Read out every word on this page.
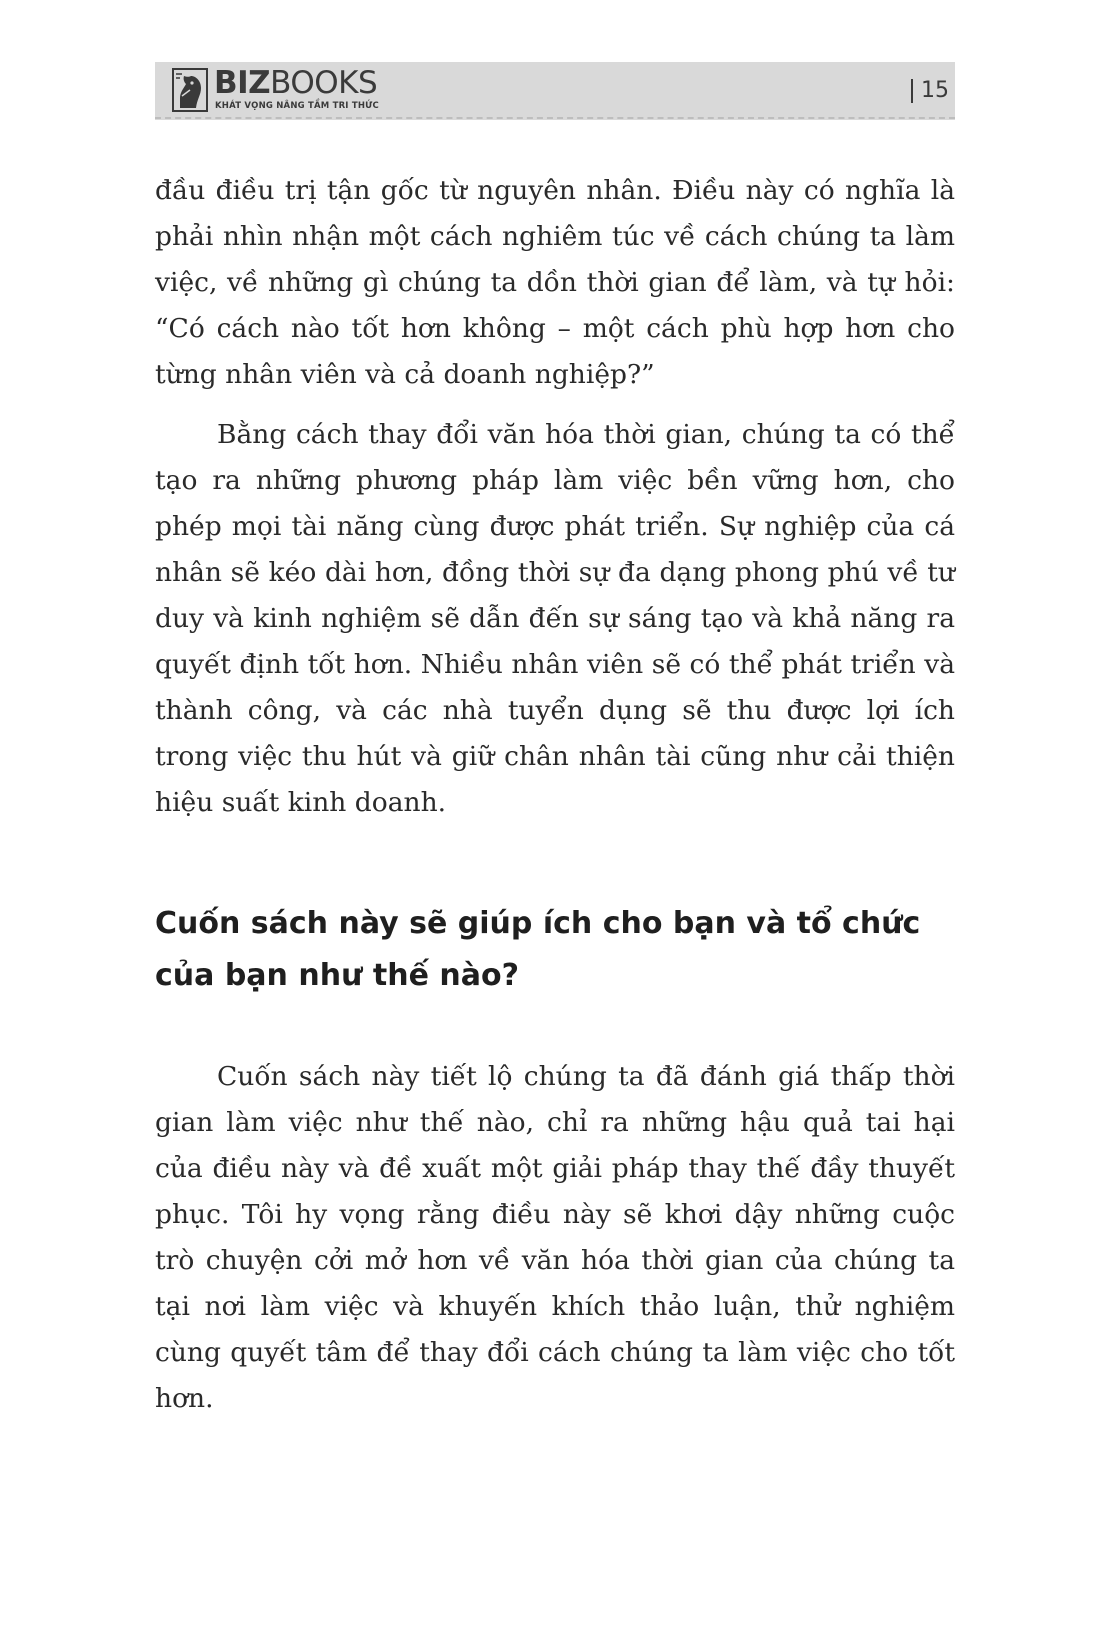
BIZBOOKS
KHÁT VỌNG NÂNG TẦM TRI THỨC
15

đầu điều trị tận gốc từ nguyên nhân. Điều này có nghĩa là phải nhìn nhận một cách nghiêm túc về cách chúng ta làm việc, về những gì chúng ta dồn thời gian để làm, và tự hỏi: “Có cách nào tốt hơn không – một cách phù hợp hơn cho từng nhân viên và cả doanh nghiệp?”

Bằng cách thay đổi văn hóa thời gian, chúng ta có thể tạo ra những phương pháp làm việc bền vững hơn, cho phép mọi tài năng cùng được phát triển. Sự nghiệp của cá nhân sẽ kéo dài hơn, đồng thời sự đa dạng phong phú về tư duy và kinh nghiệm sẽ dẫn đến sự sáng tạo và khả năng ra quyết định tốt hơn. Nhiều nhân viên sẽ có thể phát triển và thành công, và các nhà tuyển dụng sẽ thu được lợi ích trong việc thu hút và giữ chân nhân tài cũng như cải thiện hiệu suất kinh doanh.

Cuốn sách này sẽ giúp ích cho bạn và tổ chức của bạn như thế nào?

Cuốn sách này tiết lộ chúng ta đã đánh giá thấp thời gian làm việc như thế nào, chỉ ra những hậu quả tai hại của điều này và đề xuất một giải pháp thay thế đầy thuyết phục. Tôi hy vọng rằng điều này sẽ khơi dậy những cuộc trò chuyện cởi mở hơn về văn hóa thời gian của chúng ta tại nơi làm việc và khuyến khích thảo luận, thử nghiệm cùng quyết tâm để thay đổi cách chúng ta làm việc cho tốt hơn.
